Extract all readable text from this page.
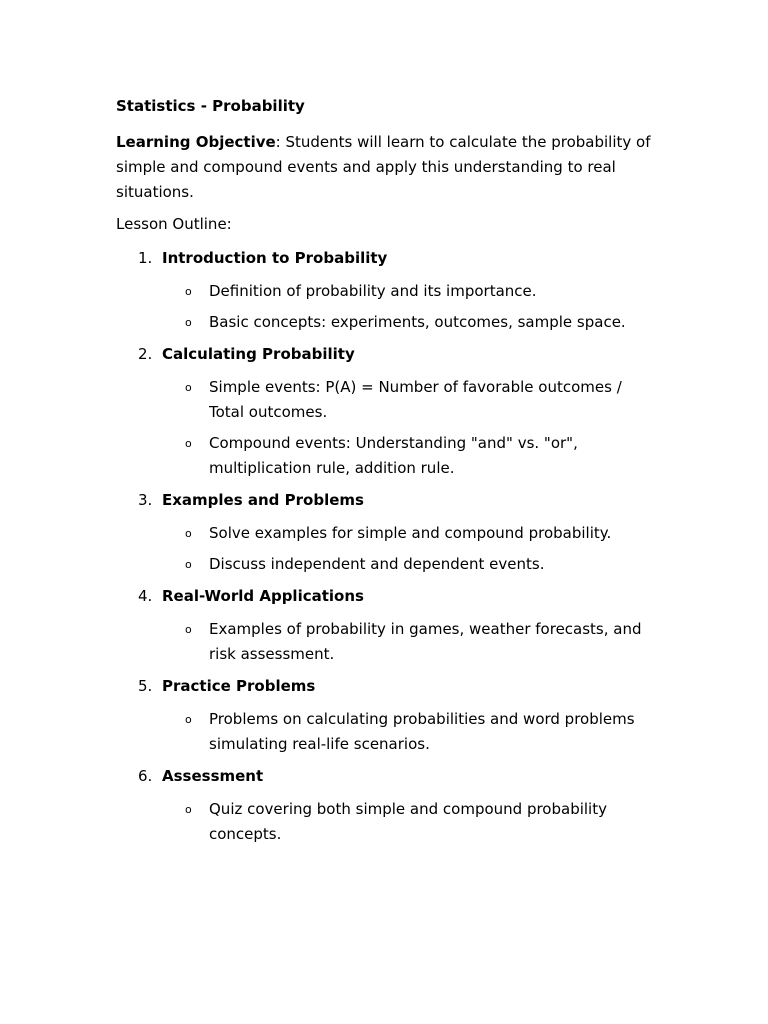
Statistics - Probability
Learning Objective: Students will learn to calculate the probability of simple and compound events and apply this understanding to real situations.
Lesson Outline:
1. Introduction to Probability
o Definition of probability and its importance.
o Basic concepts: experiments, outcomes, sample space.
2. Calculating Probability
o Simple events: P(A) = Number of favorable outcomes / Total outcomes.
o Compound events: Understanding "and" vs. "or", multiplication rule, addition rule.
3. Examples and Problems
o Solve examples for simple and compound probability.
o Discuss independent and dependent events.
4. Real-World Applications
o Examples of probability in games, weather forecasts, and risk assessment.
5. Practice Problems
o Problems on calculating probabilities and word problems simulating real-life scenarios.
6. Assessment
o Quiz covering both simple and compound probability concepts.
